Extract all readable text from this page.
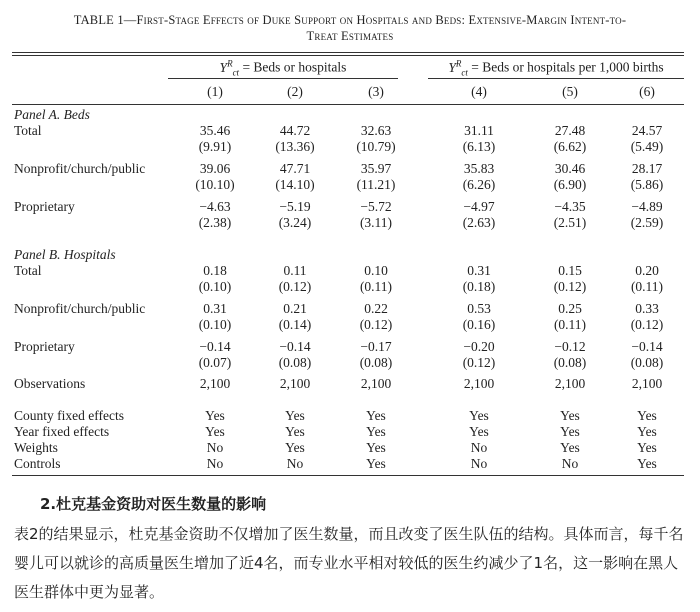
TABLE 1—First-Stage Effects of Duke Support on Hospitals and Beds: Extensive-Margin Intent-to-
Treat Estimates
$Y^R_{ct}$ = Beds or hospitals	$Y^R_{ct}$ = Beds or hospitals per 1,000 births
(1)	(2)	(3)	(4)	(5)	(6)
Panel A. Beds
Total	35.46	44.72	32.63	31.11	27.48	24.57
(9.91)	(13.36)	(10.79)	(6.13)	(6.62)	(5.49)
Nonprofit/church/public	39.06	47.71	35.97	35.83	30.46	28.17
(10.10)	(14.10)	(11.21)	(6.26)	(6.90)	(5.86)
Proprietary	−4.63	−5.19	−5.72	−4.97	−4.35	−4.89
(2.38)	(3.24)	(3.11)	(2.63)	(2.51)	(2.59)
Panel B. Hospitals
Total	0.18	0.11	0.10	0.31	0.15	0.20
(0.10)	(0.12)	(0.11)	(0.18)	(0.12)	(0.11)
Nonprofit/church/public	0.31	0.21	0.22	0.53	0.25	0.33
(0.10)	(0.14)	(0.12)	(0.16)	(0.11)	(0.12)
Proprietary	−0.14	−0.14	−0.17	−0.20	−0.12	−0.14
(0.07)	(0.08)	(0.08)	(0.12)	(0.08)	(0.08)
Observations	2,100	2,100	2,100	2,100	2,100	2,100
County fixed effects	Yes	Yes	Yes	Yes	Yes	Yes
Year fixed effects	Yes	Yes	Yes	Yes	Yes	Yes
Weights	No	Yes	Yes	No	Yes	Yes
Controls	No	No	Yes	No	No	Yes
2.杜克基金资助对医生数量的影响
表2的结果显示，杜克基金资助不仅增加了医生数量，而且改变了医生队伍的结构。具体而言，每千名婴儿可以就诊的高质量医生增加了近4名，而专业水平相对较低的医生约减少了1名，这一影响在黑人医生群体中更为显著。
